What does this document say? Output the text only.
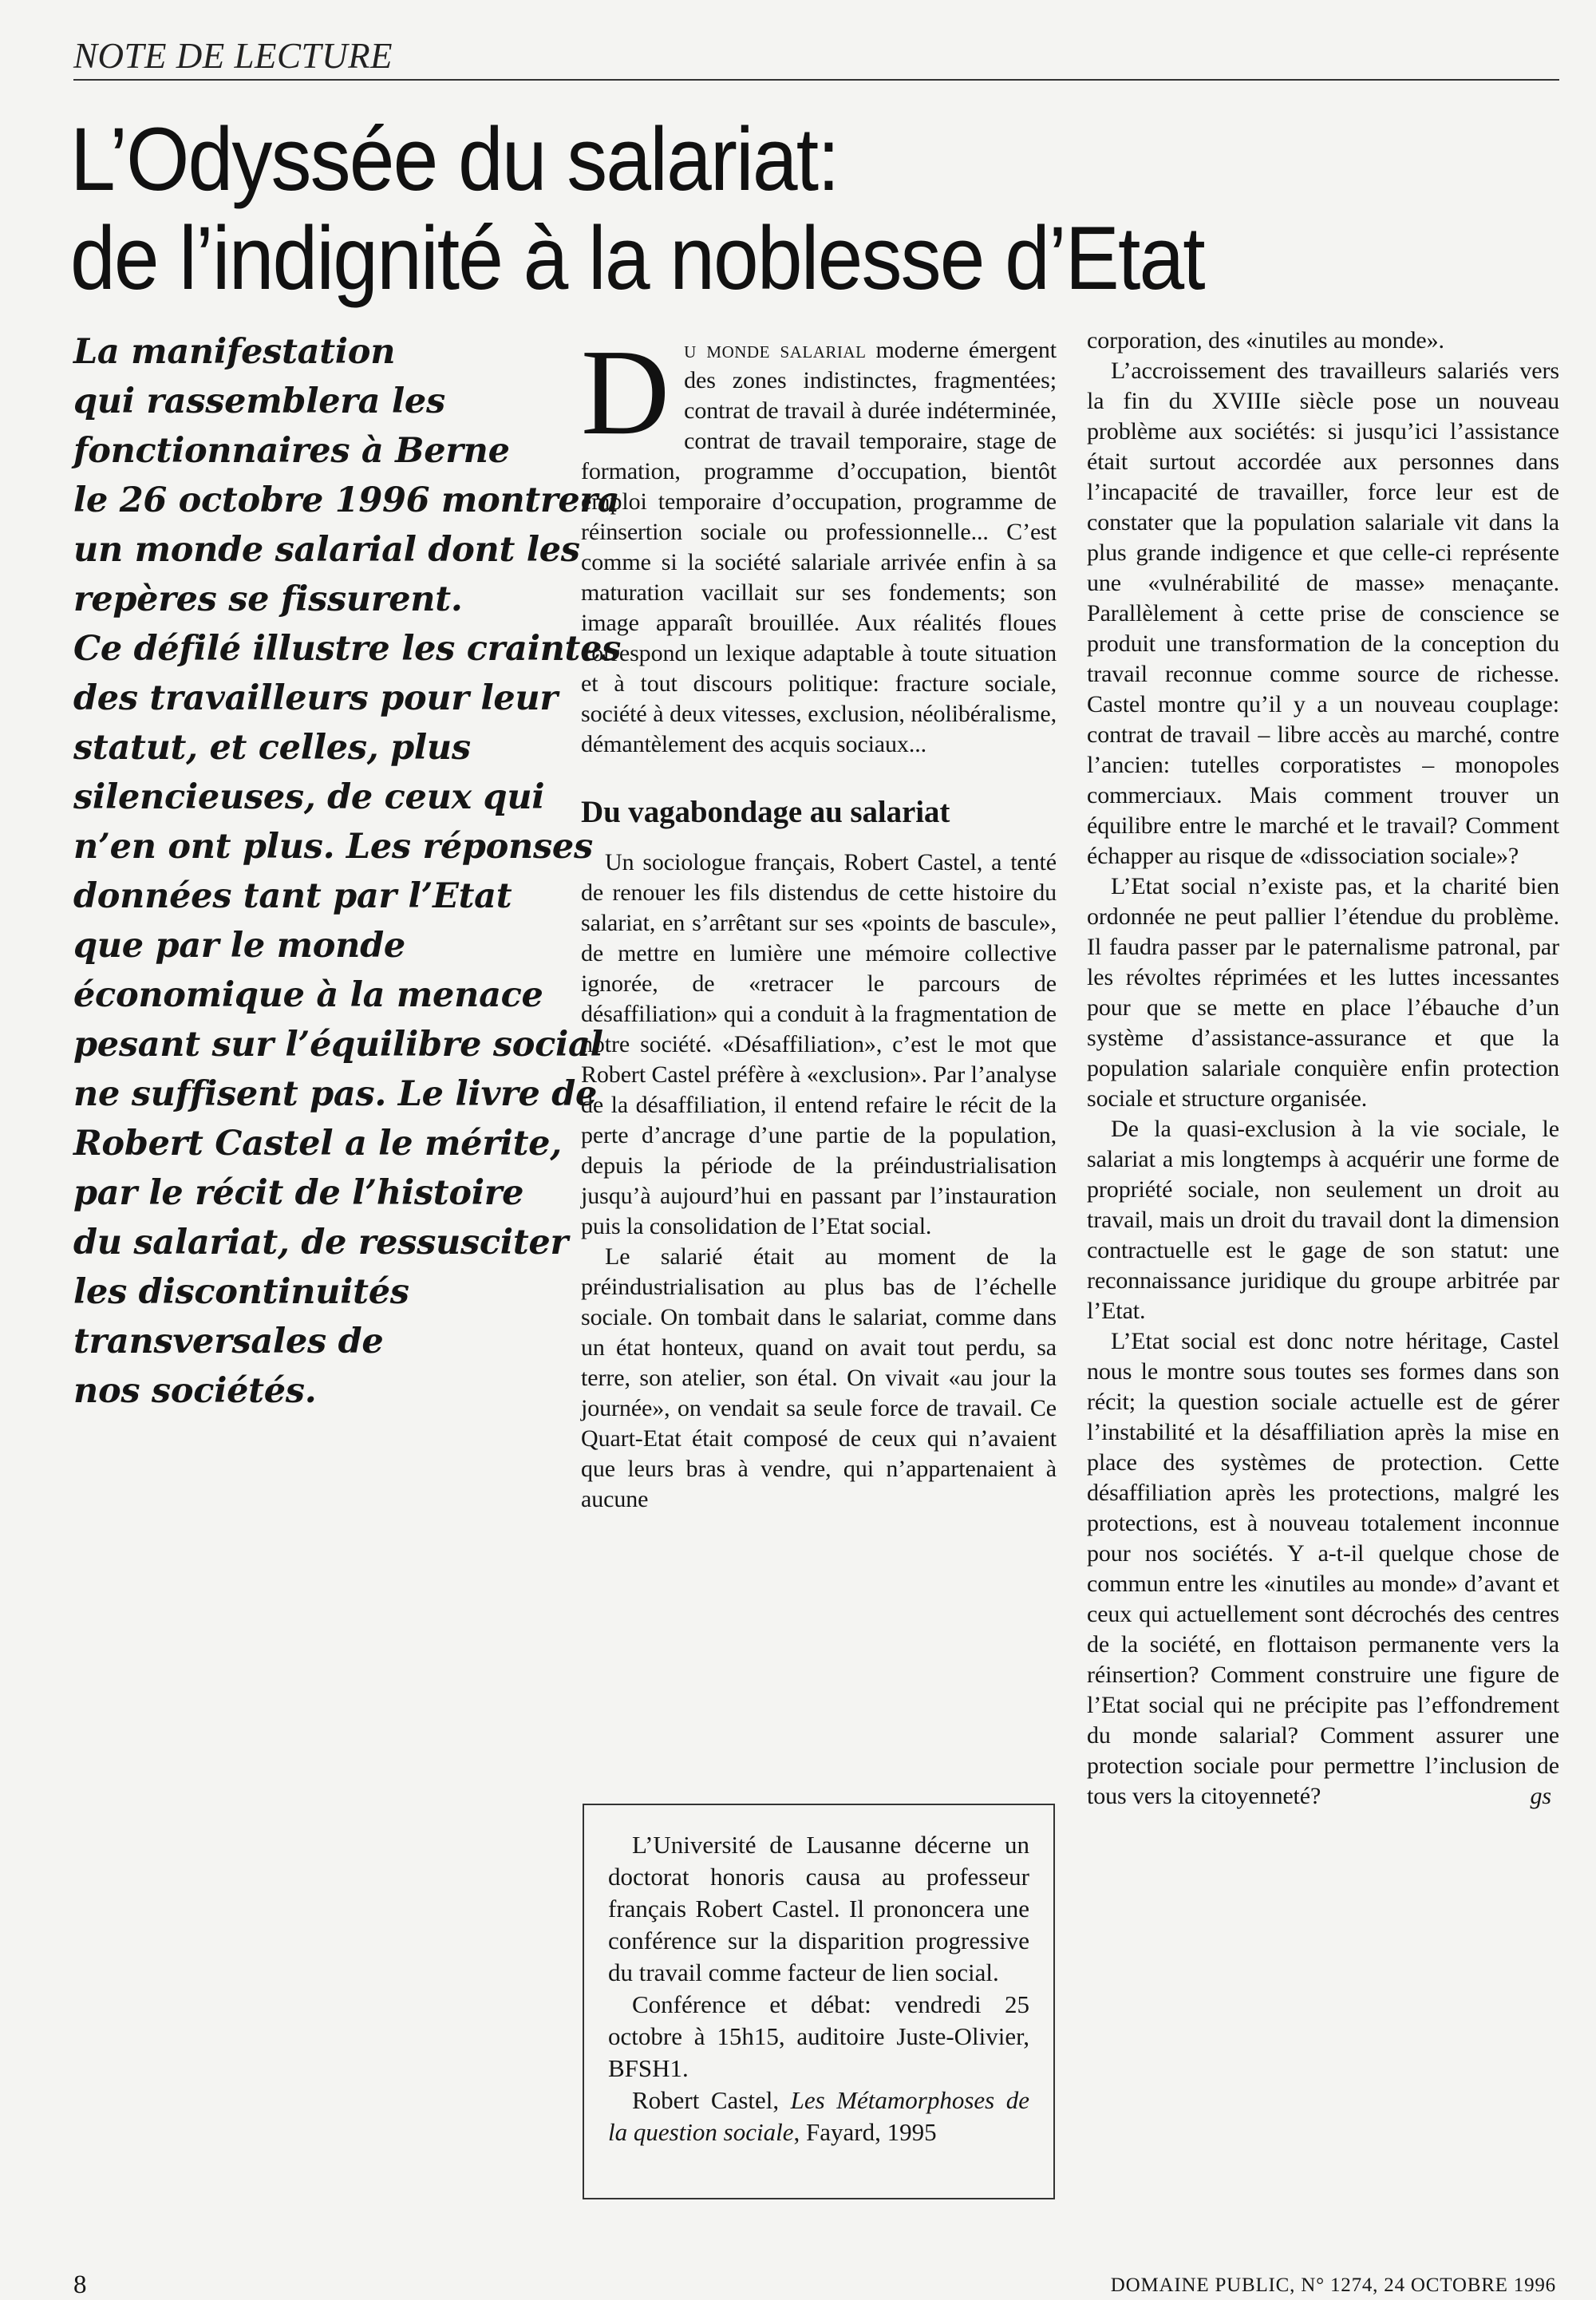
NOTE DE LECTURE
L’Odyssée du salariat:
de l’indignité à la noblesse d’Etat
La manifestation
qui rassemblera les
fonctionnaires à Berne
le 26 octobre 1996 montrera
un monde salarial dont les
repères se fissurent.
Ce défilé illustre les craintes
des travailleurs pour leur
statut, et celles, plus
silencieuses, de ceux qui
n’en ont plus. Les réponses
données tant par l’Etat
que par le monde
économique à la menace
pesant sur l’équilibre social
ne suffisent pas. Le livre de
Robert Castel a le mérite,
par le récit de l’histoire
du salariat, de ressusciter
les discontinuités
transversales de
nos sociétés.

Du monde salarial moderne émergent des zones indistinctes, fragmentées; contrat de travail à durée indéterminée, contrat de travail temporaire, stage de formation, programme d’occupation, bientôt emploi temporaire d’occupation, programme de réinsertion sociale ou professionnelle... C’est comme si la société salariale arrivée enfin à sa maturation vacillait sur ses fondements; son image apparaît brouillée. Aux réalités floues correspond un lexique adaptable à toute situation et à tout discours politique: fracture sociale, société à deux vitesses, exclusion, néolibéralisme, démantèlement des acquis sociaux...

Du vagabondage au salariat

Un sociologue français, Robert Castel, a tenté de renouer les fils distendus de cette histoire du salariat, en s’arrêtant sur ses «points de bascule», de mettre en lumière une mémoire collective ignorée, de «retracer le parcours de désaffiliation» qui a conduit à la fragmentation de notre société. «Désaffiliation», c’est le mot que Robert Castel préfère à «exclusion». Par l’analyse de la désaffiliation, il entend refaire le récit de la perte d’ancrage d’une partie de la population, depuis la période de la préindustrialisation jusqu’à aujourd’hui en passant par l’instauration puis la consolidation de l’Etat social.

Le salarié était au moment de la préindustrialisation au plus bas de l’échelle sociale. On tombait dans le salariat, comme dans un état honteux, quand on avait tout perdu, sa terre, son atelier, son étal. On vivait «au jour la journée», on vendait sa seule force de travail. Ce Quart-Etat était composé de ceux qui n’avaient que leurs bras à vendre, qui n’appartenaient à aucune

corporation, des «inutiles au monde».

L’accroissement des travailleurs salariés vers la fin du XVIIIe siècle pose un nouveau problème aux sociétés: si jusqu’ici l’assistance était surtout accordée aux personnes dans l’incapacité de travailler, force leur est de constater que la population salariale vit dans la plus grande indigence et que celle-ci représente une «vulnérabilité de masse» menaçante. Parallèlement à cette prise de conscience se produit une transformation de la conception du travail reconnue comme source de richesse. Castel montre qu’il y a un nouveau couplage: contrat de travail – libre accès au marché, contre l’ancien: tutelles corporatistes – monopoles commerciaux. Mais comment trouver un équilibre entre le marché et le travail? Comment échapper au risque de «dissociation sociale»?

L’Etat social n’existe pas, et la charité bien ordonnée ne peut pallier l’étendue du problème. Il faudra passer par le paternalisme patronal, par les révoltes réprimées et les luttes incessantes pour que se mette en place l’ébauche d’un système d’assistance-assurance et que la population salariale conquière enfin protection sociale et structure organisée.

De la quasi-exclusion à la vie sociale, le salariat a mis longtemps à acquérir une forme de propriété sociale, non seulement un droit au travail, mais un droit du travail dont la dimension contractuelle est le gage de son statut: une reconnaissance juridique du groupe arbitrée par l’Etat.

L’Etat social est donc notre héritage, Castel nous le montre sous toutes ses formes dans son récit; la question sociale actuelle est de gérer l’instabilité et la désaffiliation après la mise en place des systèmes de protection. Cette désaffiliation après les protections, malgré les protections, est à nouveau totalement inconnue pour nos sociétés. Y a-t-il quelque chose de commun entre les «inutiles au monde» d’avant et ceux qui actuellement sont décrochés des centres de la société, en flottaison permanente vers la réinsertion? Comment construire une figure de l’Etat social qui ne précipite pas l’effondrement du monde salarial? Comment assurer une protection sociale pour permettre l’inclusion de tous vers la citoyenneté?	gs

L’Université de Lausanne décerne un doctorat honoris causa au professeur français Robert Castel. Il prononcera une conférence sur la disparition progressive du travail comme facteur de lien social.

Conférence et débat: vendredi 25 octobre à 15h15, auditoire Juste-Olivier, BFSH1.

Robert Castel, Les Métamorphoses de la question sociale, Fayard, 1995

8	DOMAINE PUBLIC, N° 1274, 24 OCTOBRE 1996
